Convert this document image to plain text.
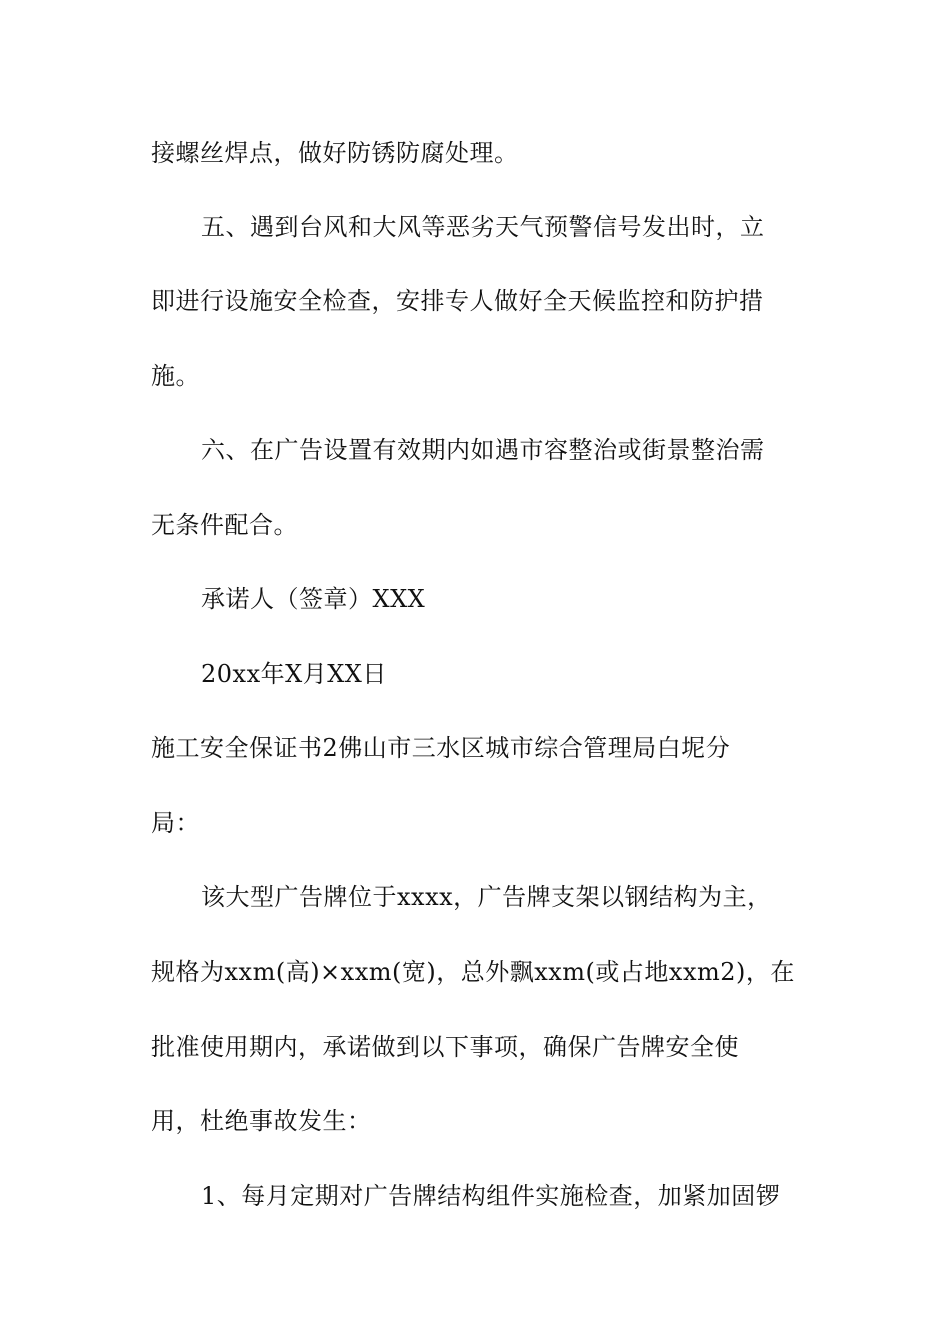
接螺丝焊点，做好防锈防腐处理。
五、遇到台风和大风等恶劣天气预警信号发出时，立
即进行设施安全检查，安排专人做好全天候监控和防护措
施。
六、在广告设置有效期内如遇市容整治或街景整治需
无条件配合。
承诺人（签章）XXX
20xx年X月XX日
施工安全保证书2佛山市三水区城市综合管理局白坭分
局：
该大型广告牌位于xxxx，广告牌支架以钢结构为主，
规格为xxm(高)×xxm(宽)，总外飘xxm(或占地xxm2)，在
批准使用期内，承诺做到以下事项，确保广告牌安全使
用，杜绝事故发生：
1、每月定期对广告牌结构组件实施检查，加紧加固锣
